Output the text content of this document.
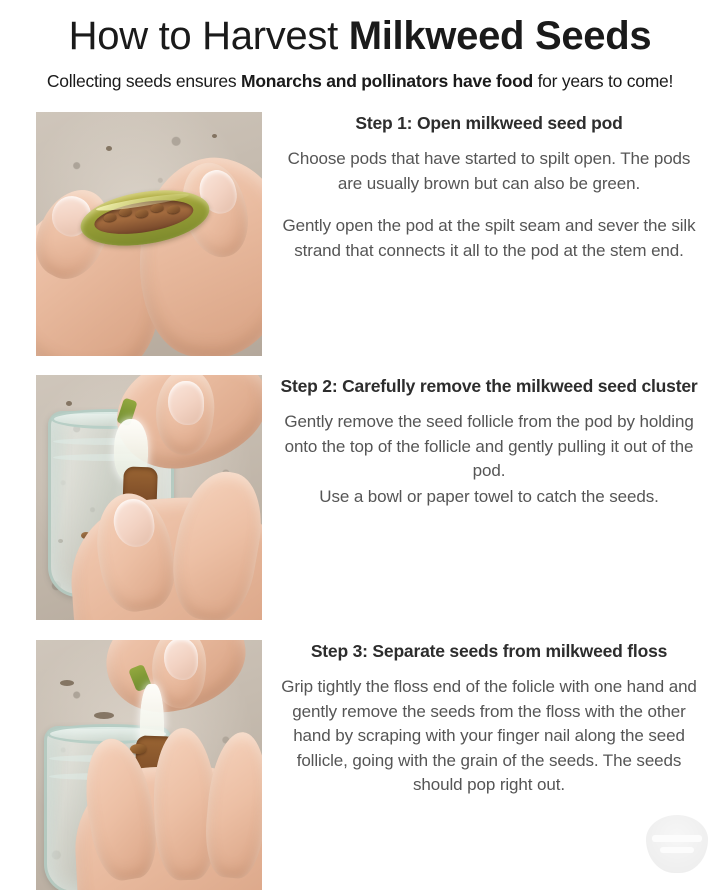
How to Harvest Milkweed Seeds

Collecting seeds ensures Monarchs and pollinators have food for years to come!

Step 1: Open milkweed seed pod

Choose pods that have started to spilt open. The pods are usually brown but can also be green.

Gently open the pod at the spilt seam and sever the silk strand that connects it all to the pod at the stem end.

Step 2: Carefully remove the milkweed seed cluster

Gently remove the seed follicle from the pod by holding onto the top of the follicle and gently pulling it out of the pod.

Use a bowl or paper towel to catch the seeds.

Step 3: Separate seeds from milkweed floss

Grip tightly the floss end of the folicle with one hand and gently remove the seeds from the floss with the other hand by scraping with your finger nail along the seed follicle, going with the grain of the seeds. The seeds should pop right out.
